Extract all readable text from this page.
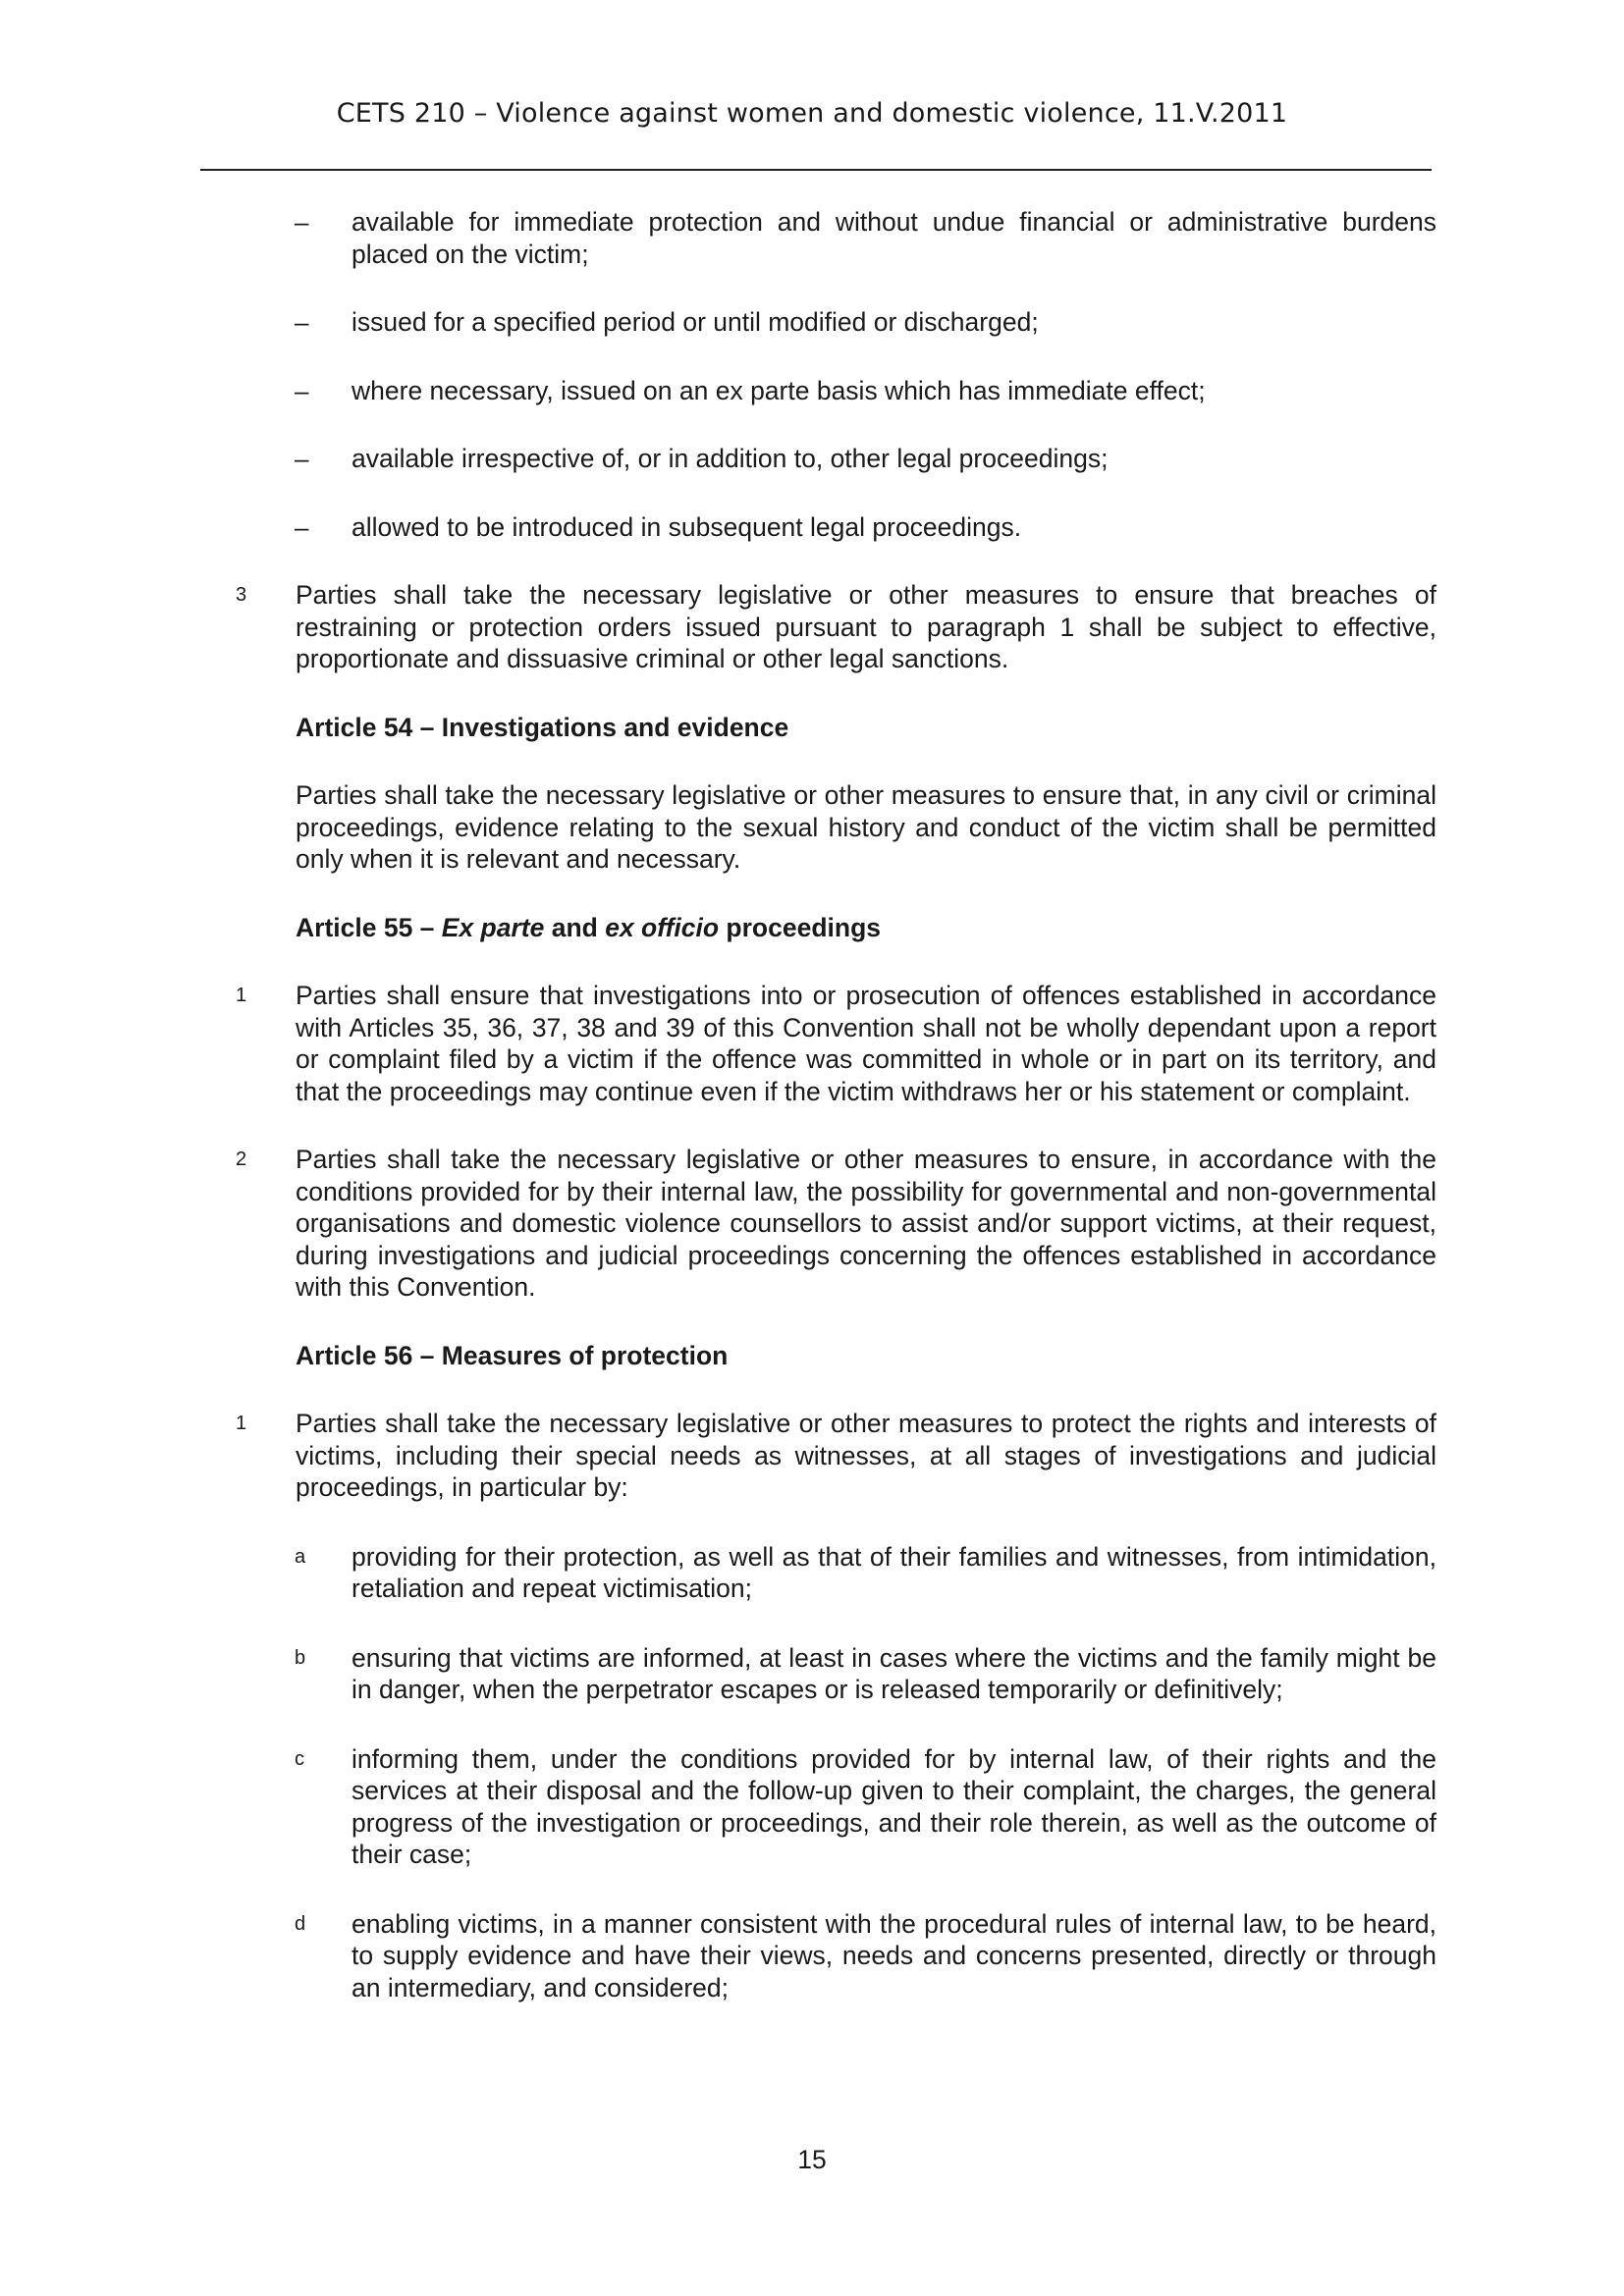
CETS 210 – Violence against women and domestic violence, 11.V.2011
– available for immediate protection and without undue financial or administrative burdens placed on the victim;
– issued for a specified period or until modified or discharged;
– where necessary, issued on an ex parte basis which has immediate effect;
– available irrespective of, or in addition to, other legal proceedings;
– allowed to be introduced in subsequent legal proceedings.
3 Parties shall take the necessary legislative or other measures to ensure that breaches of restraining or protection orders issued pursuant to paragraph 1 shall be subject to effective, proportionate and dissuasive criminal or other legal sanctions.
Article 54 – Investigations and evidence
Parties shall take the necessary legislative or other measures to ensure that, in any civil or criminal proceedings, evidence relating to the sexual history and conduct of the victim shall be permitted only when it is relevant and necessary.
Article 55 – Ex parte and ex officio proceedings
1 Parties shall ensure that investigations into or prosecution of offences established in accordance with Articles 35, 36, 37, 38 and 39 of this Convention shall not be wholly dependant upon a report or complaint filed by a victim if the offence was committed in whole or in part on its territory, and that the proceedings may continue even if the victim withdraws her or his statement or complaint.
2 Parties shall take the necessary legislative or other measures to ensure, in accordance with the conditions provided for by their internal law, the possibility for governmental and non-governmental organisations and domestic violence counsellors to assist and/or support victims, at their request, during investigations and judicial proceedings concerning the offences established in accordance with this Convention.
Article 56 – Measures of protection
1 Parties shall take the necessary legislative or other measures to protect the rights and interests of victims, including their special needs as witnesses, at all stages of investigations and judicial proceedings, in particular by:
a providing for their protection, as well as that of their families and witnesses, from intimidation, retaliation and repeat victimisation;
b ensuring that victims are informed, at least in cases where the victims and the family might be in danger, when the perpetrator escapes or is released temporarily or definitively;
c informing them, under the conditions provided for by internal law, of their rights and the services at their disposal and the follow-up given to their complaint, the charges, the general progress of the investigation or proceedings, and their role therein, as well as the outcome of their case;
d enabling victims, in a manner consistent with the procedural rules of internal law, to be heard, to supply evidence and have their views, needs and concerns presented, directly or through an intermediary, and considered;
15
